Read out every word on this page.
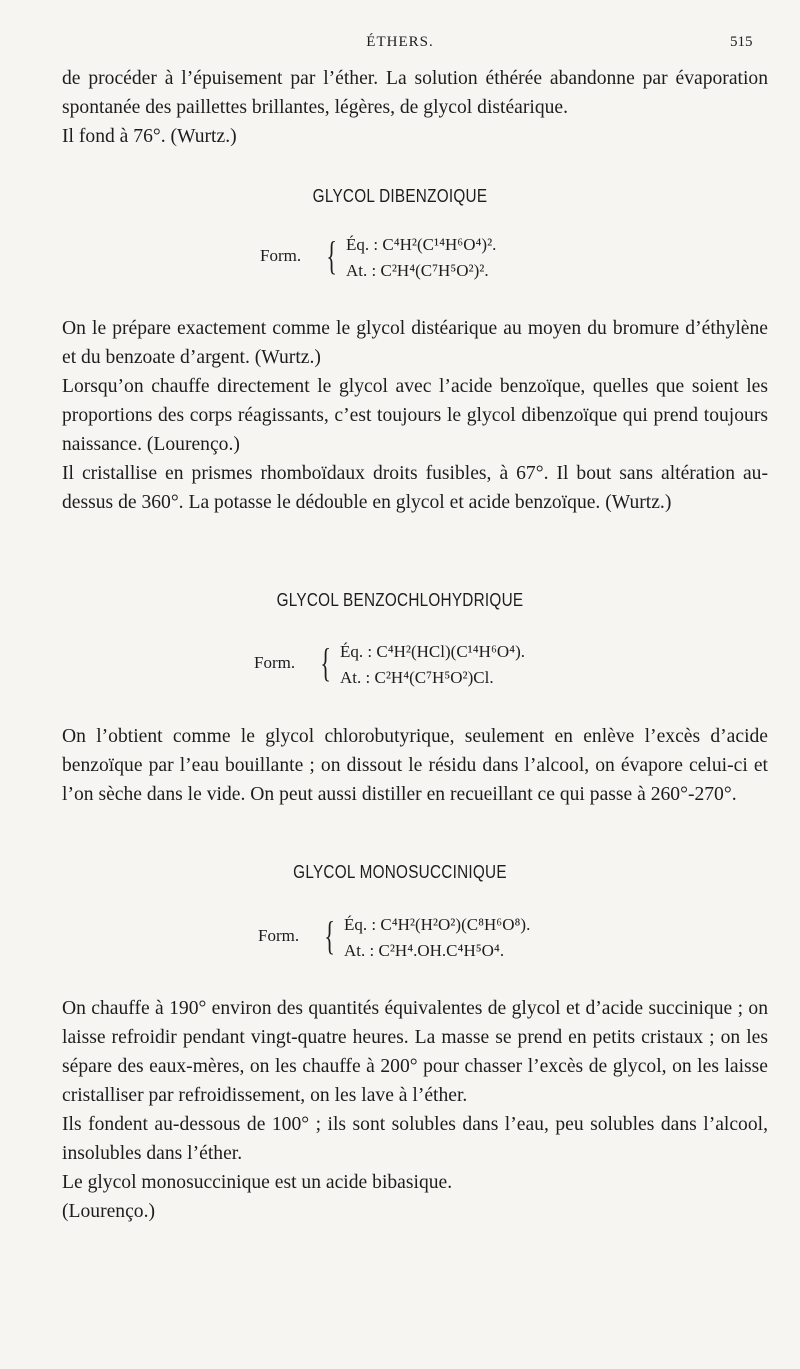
ÉTHERS.	515

de procéder à l’épuisement par l’éther. La solution éthérée abandonne par évaporation spontanée des paillettes brillantes, légères, de glycol distéarique.

Il fond à 76°. (Wurtz.)

GLYCOL DIBENZOIQUE
Form. { Éq. : C⁴H²(C¹⁴H⁶O⁴)².
At. : C²H⁴(C⁷H⁵O²)².

On le prépare exactement comme le glycol distéarique au moyen du bromure d’éthylène et du benzoate d’argent. (Wurtz.)

Lorsqu’on chauffe directement le glycol avec l’acide benzoïque, quelles que soient les proportions des corps réagissants, c’est toujours le glycol dibenzoïque qui prend toujours naissance. (Lourenço.)

Il cristallise en prismes rhomboïdaux droits fusibles, à 67°. Il bout sans altération au-dessus de 360°. La potasse le dédouble en glycol et acide benzoïque. (Wurtz.)

GLYCOL BENZOCHLOHYDRIQUE
Form. { Éq. : C⁴H²(HCl)(C¹⁴H⁶O⁴).
At. : C²H⁴(C⁷H⁵O²)Cl.

On l’obtient comme le glycol chlorobutyrique, seulement en enlève l’excès d’acide benzoïque par l’eau bouillante ; on dissout le résidu dans l’alcool, on évapore celui-ci et l’on sèche dans le vide. On peut aussi distiller en recueillant ce qui passe à 260°-270°.

GLYCOL MONOSUCCINIQUE
Form. { Éq. : C⁴H²(H²O²)(C⁸H⁶O⁸).
At. : C²H⁴.OH.C⁴H⁵O⁴.

On chauffe à 190° environ des quantités équivalentes de glycol et d’acide succinique ; on laisse refroidir pendant vingt-quatre heures. La masse se prend en petits cristaux ; on les sépare des eaux-mères, on les chauffe à 200° pour chasser l’excès de glycol, on les laisse cristalliser par refroidissement, on les lave à l’éther.

Ils fondent au-dessous de 100° ; ils sont solubles dans l’eau, peu solubles dans l’alcool, insolubles dans l’éther.

Le glycol monosuccinique est un acide bibasique.

(Lourenço.)
